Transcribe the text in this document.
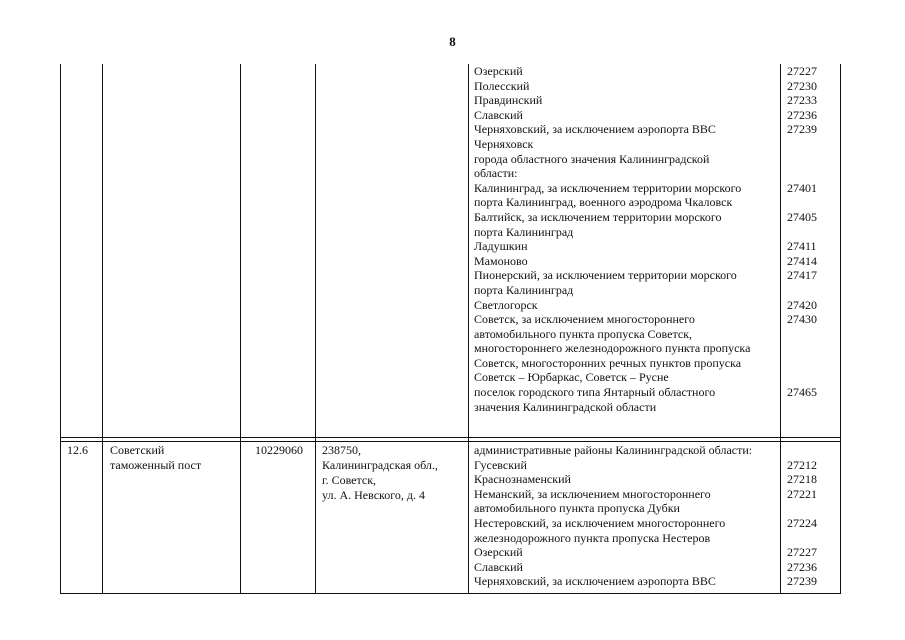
8
Озерский
Полесский
Правдинский
Славский
Черняховский, за исключением аэропорта ВВС
Черняховск
города областного значения Калининградской
области:
Калининград, за исключением территории морского
порта Калининград, военного аэродрома Чкаловск
Балтийск, за исключением территории морского
порта Калининград
Ладушкин
Мамоново
Пионерский, за исключением территории морского
порта Калининград
Светлогорск
Советск, за исключением многостороннего
автомобильного пункта пропуска Советск,
многостороннего железнодорожного пункта пропуска
Советск, многосторонних речных пунктов пропуска
Советск – Юрбаркас, Советск – Русне
поселок городского типа Янтарный областного
значения Калининградской области
27227
27230
27233
27236
27239

27401

27405

27411
27414
27417

27420
27430

27465

12.6 Советский
таможенный пост
10229060 238750,
Калининградская обл.,
г. Советск,
ул. А. Невского, д. 4
административные районы Калининградской области:
Гусевский
Краснознаменский
Неманский, за исключением многостороннего
автомобильного пункта пропуска Дубки
Нестеровский, за исключением многостороннего
железнодорожного пункта пропуска Нестеров
Озерский
Славский
Черняховский, за исключением аэропорта ВВС

27212
27218
27221

27224

27227
27236
27239
